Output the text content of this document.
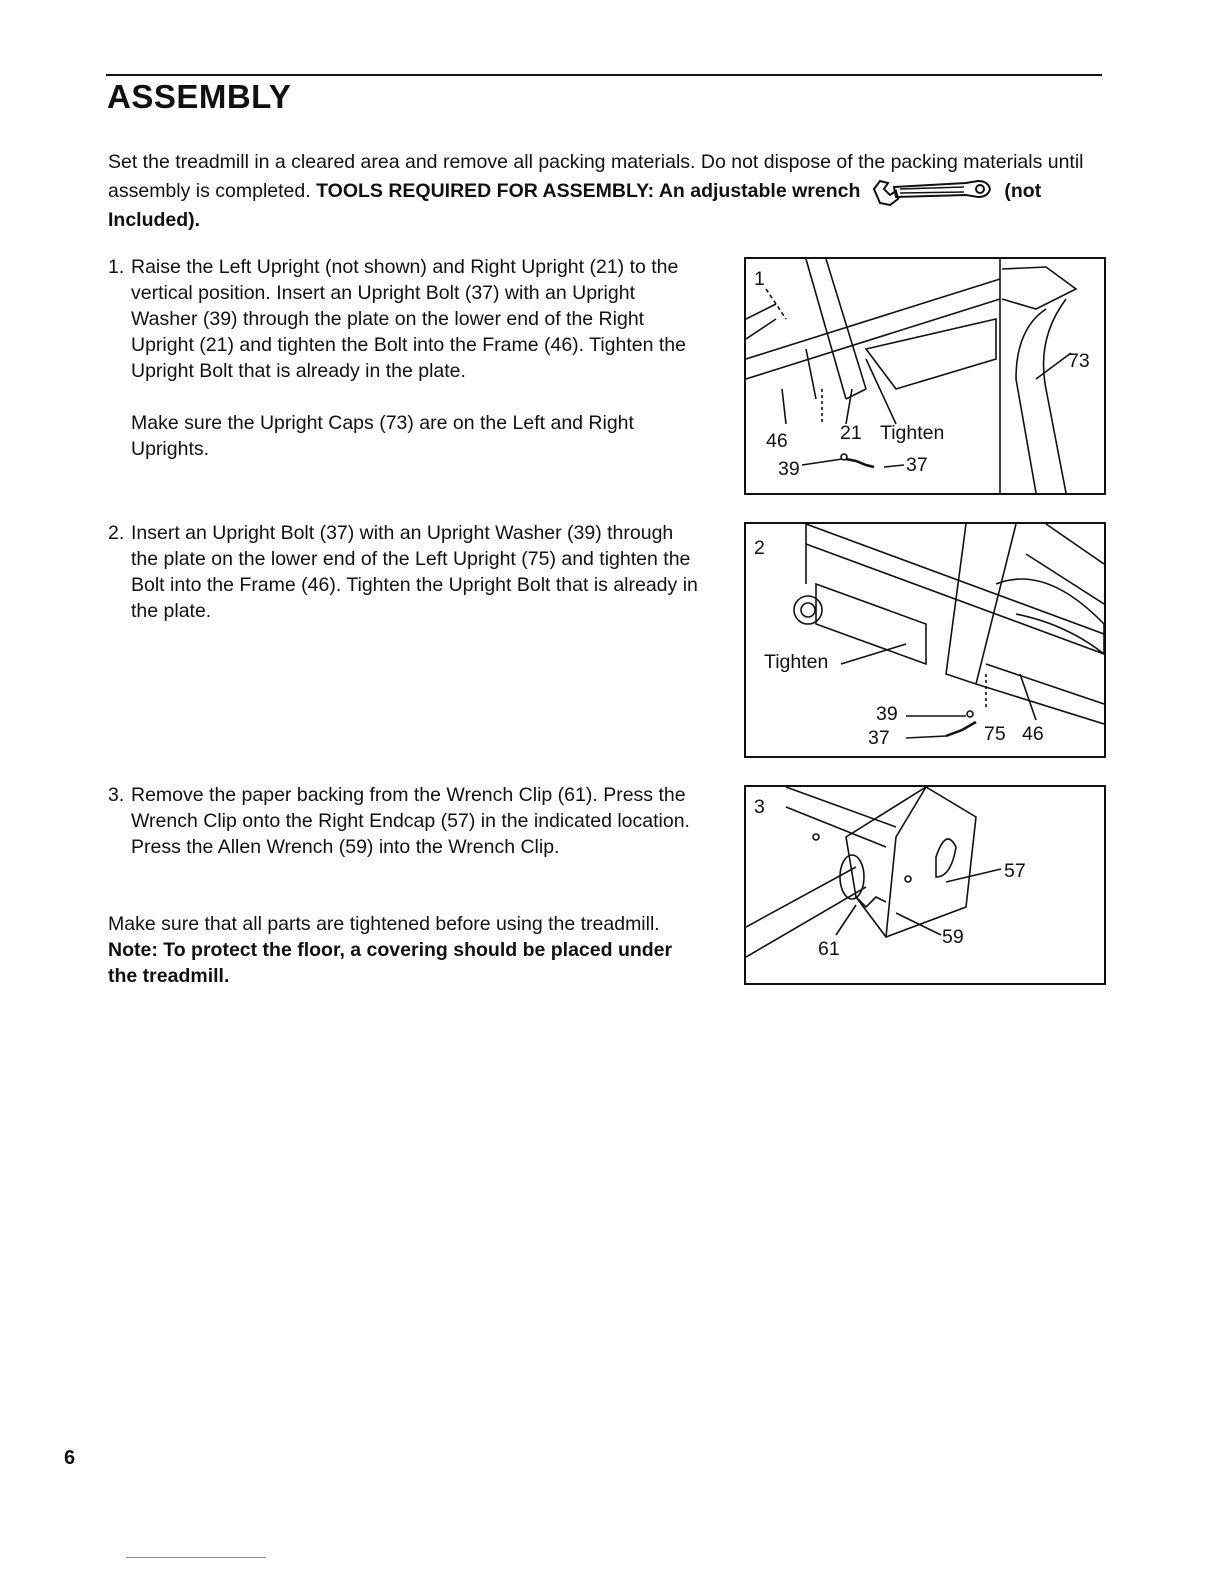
ASSEMBLY

Set the treadmill in a cleared area and remove all packing materials. Do not dispose of the packing materials until assembly is completed. TOOLS REQUIRED FOR ASSEMBLY: An adjustable wrench	(not Included).

1. Raise the Left Upright (not shown) and Right Upright (21) to the vertical position. Insert an Upright Bolt (37) with an Upright Washer (39) through the plate on the lower end of the Right Upright (21) and tighten the Bolt into the Frame (46). Tighten the Upright Bolt that is already in the plate.

Make sure the Upright Caps (73) are on the Left and Right Uprights.

2. Insert an Upright Bolt (37) with an Upright Washer (39) through the plate on the lower end of the Left Upright (75) and tighten the Bolt into the Frame (46). Tighten the Upright Bolt that is already in the plate.

3. Remove the paper backing from the Wrench Clip (61). Press the Wrench Clip onto the Right Endcap (57) in the indicated location. Press the Allen Wrench (59) into the Wrench Clip.

Make sure that all parts are tightened before using the treadmill. Note: To protect the floor, a covering should be placed under the treadmill.

1
46	21 Tighten
39	37
73
2
Tighten
39
37	75 46
3
57
59
61
6
